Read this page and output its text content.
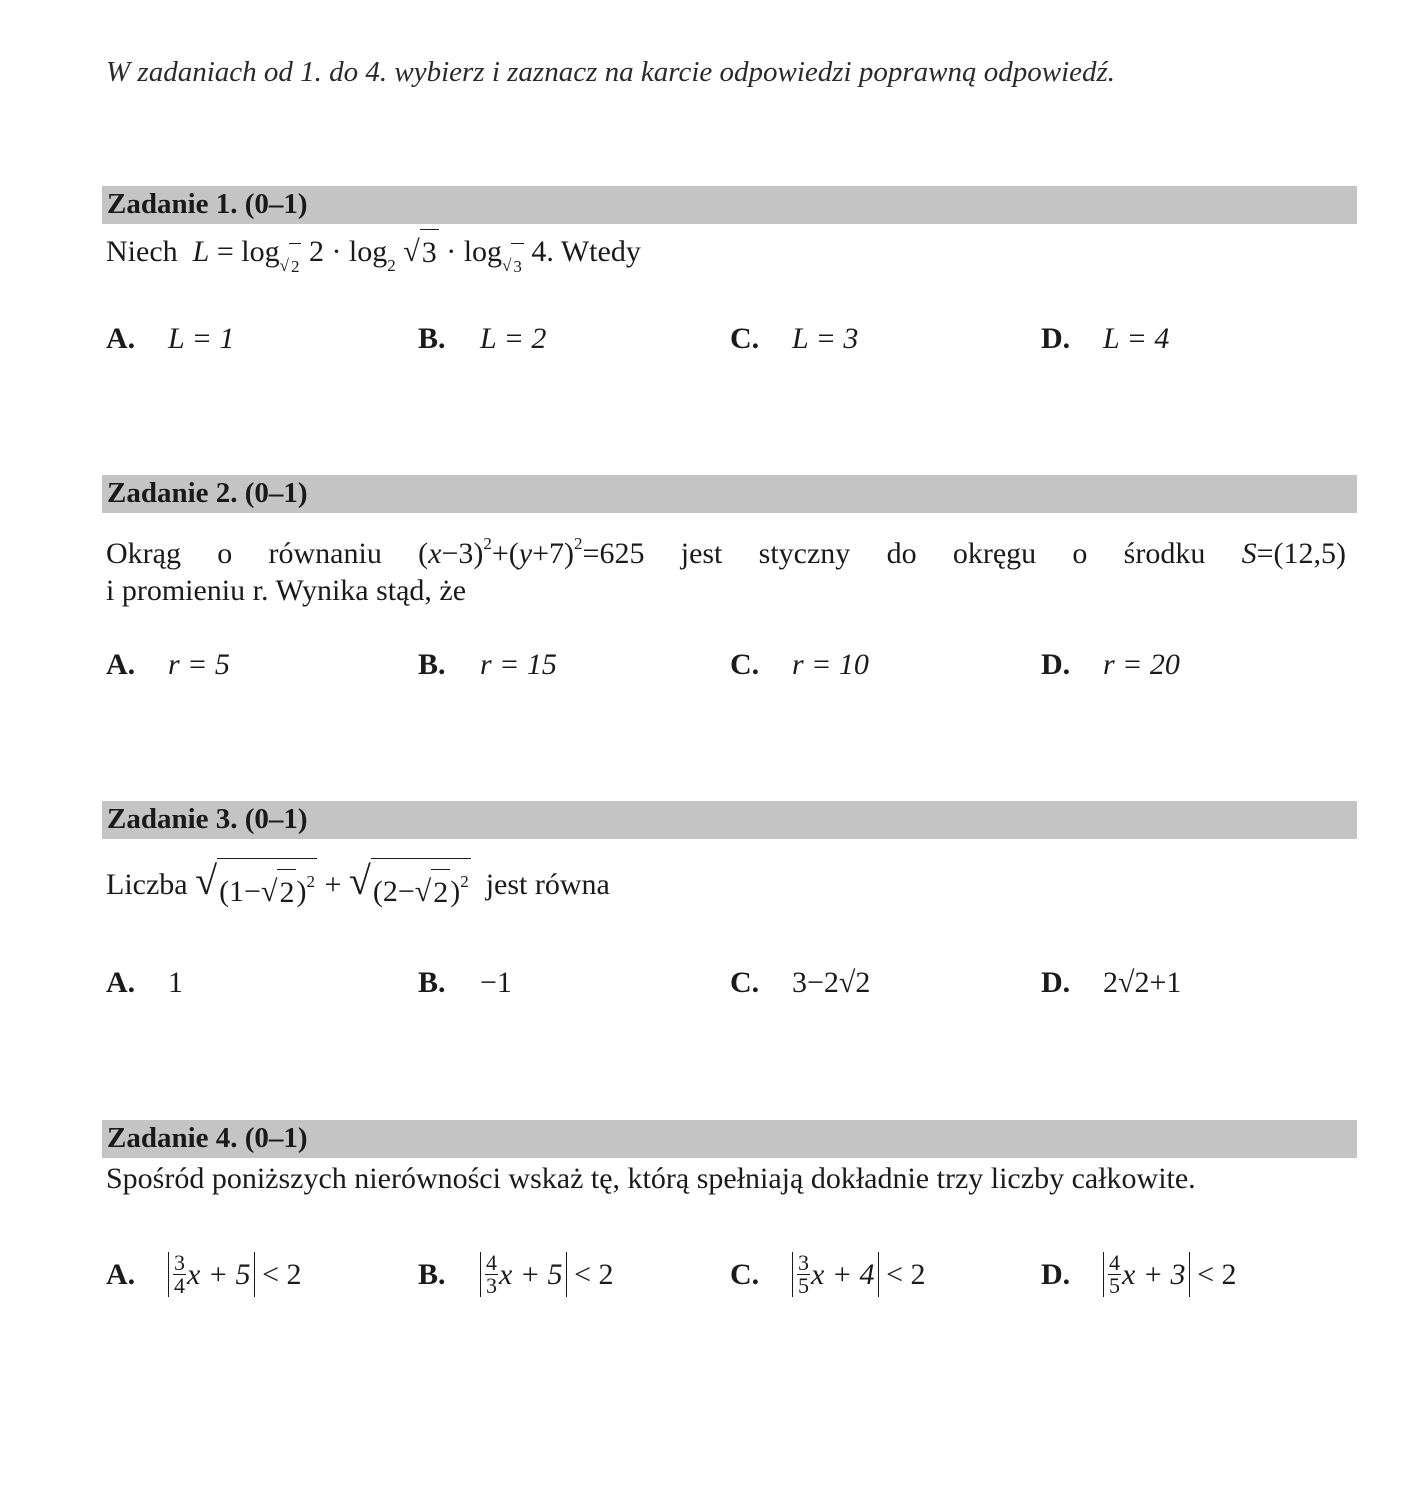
W zadaniach od 1. do 4. wybierz i zaznacz na karcie odpowiedzi poprawną odpowiedź.
Zadanie 1. (0–1)
Niech L = log $_{√ 2}$ $2 \cdot \log_2$ √ 3 · log $_{√ 3}$ 4. Wtedy
A.	L = 1	B.	L = 2	C.	L = 3	D.	L = 4
Zadanie 2. (0–1)
Okrąg o równaniu $(x-3)^2+(y+7)^2=625$ jest styczny do okręgu o środku S=(12,5)
i promieniu r. Wynika stąd, że
A.	r = 5	B.	r = 15	C.	r = 10	D.	r = 20
Zadanie 3. (0–1)
Liczba √ (1− √ 2 )$^2$ + √ (2− √ 2 )$^2$ jest równa
A.	1	B.	−1	C.	3−2√2	D.	2√2+1
Zadanie 4. (0–1)
Spośród poniższych nierówności wskaż tę, którą spełniają dokładnie trzy liczby całkowite.
A.	$\frac{3}{4}$ x + 5
< 2	B.	$\frac{4}{3}$ x + 5
< 2	C.	$\frac{3}{5}$ x + 4
< 2	D.	$\frac{4}{5}$ x + 3
< 2
